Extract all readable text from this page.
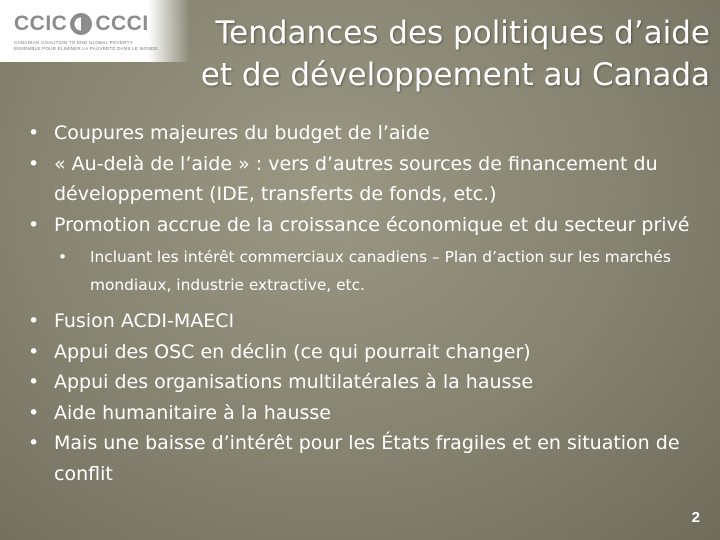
CCIC CCCI
CANADIAN COALITION TO END GLOBAL POVERTY
ENSEMBLE POUR ÉLIMINER LA PAUVRETÉ DANS LE MONDE	Tendances des politiques d’aide et de développement au Canada
• Coupures majeures du budget de l’aide
• « Au-delà de l’aide » : vers d’autres sources de financement du développement (IDE, transferts de fonds, etc.)
• Promotion accrue de la croissance économique et du secteur privé
• Incluant les intérêt commerciaux canadiens – Plan d’action sur les marchés mondiaux, industrie extractive, etc.
• Fusion ACDI-MAECI
• Appui des OSC en déclin (ce qui pourrait changer)
• Appui des organisations multilatérales à la hausse
• Aide humanitaire à la hausse
• Mais une baisse d’intérêt pour les États fragiles et en situation de conflit
2
